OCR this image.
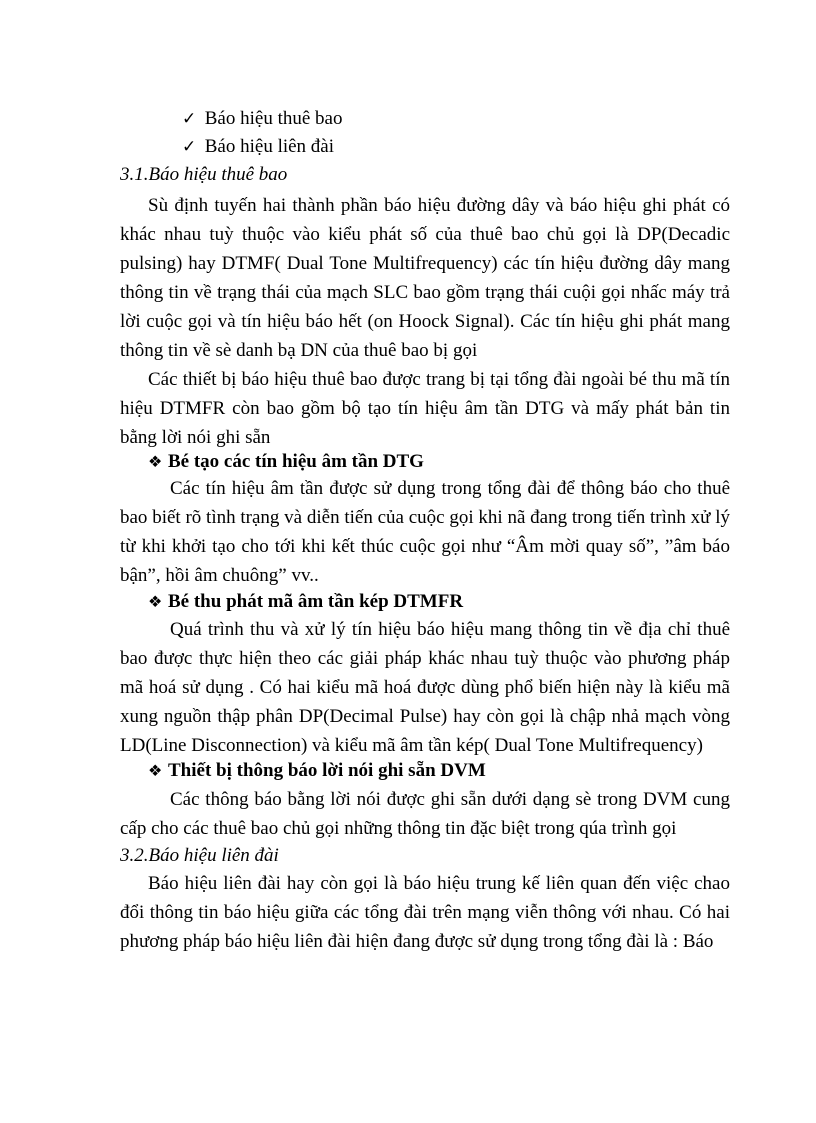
✓ Báo hiệu thuê bao
✓ Báo hiệu liên đài
3.1.Báo hiệu thuê bao
Sù định tuyến hai thành phần báo hiệu đường dây và báo hiệu ghi phát có khác nhau tuỳ thuộc vào kiểu phát số của thuê bao chủ gọi là DP(Decadic pulsing) hay DTMF( Dual Tone Multifrequency) các tín hiệu đường dây mang thông tin về trạng thái của mạch SLC bao gồm trạng thái cuội gọi nhấc máy trả lời cuộc gọi và tín hiệu báo hết (on Hoock Signal). Các tín hiệu ghi phát mang thông tin về sè danh bạ DN của thuê bao bị gọi
Các thiết bị báo hiệu thuê bao được trang bị tại tổng đài ngoài bé thu mã tín hiệu DTMFR còn bao gồm bộ tạo tín hiệu âm tần DTG và mấy phát bản tin bằng lời nói ghi sẵn
❖ Bé tạo các tín hiệu âm tần DTG
Các tín hiệu âm tần được sử dụng trong tổng đài để thông báo cho thuê bao biết rõ tình trạng và diễn tiến của cuộc gọi khi nã đang trong tiến trình xử lý từ khi khởi tạo cho tới khi kết thúc cuộc gọi như “Âm mời quay số”, ”âm báo bận”, hồi âm chuông” vv..
❖ Bé thu phát mã âm tần kép DTMFR
Quá trình thu và xử lý tín hiệu báo hiệu mang thông tin về địa chỉ thuê bao được thực hiện theo các giải pháp khác nhau tuỳ thuộc vào phương pháp mã hoá sử dụng . Có hai kiểu mã hoá được dùng phổ biến hiện này là kiểu mã xung nguồn thập phân DP(Decimal Pulse) hay còn gọi là chập nhả mạch vòng LD(Line Disconnection) và kiểu mã âm tần kép( Dual Tone Multifrequency)
❖ Thiết bị thông báo lời nói ghi sẵn DVM
Các thông báo bằng lời nói được ghi sẵn dưới dạng sè trong DVM cung cấp cho các thuê bao chủ gọi những thông tin đặc biệt trong qúa trình gọi
3.2.Báo hiệu liên đài
Báo hiệu liên đài hay còn gọi là báo hiệu trung kế liên quan đến việc chao đổi thông tin báo hiệu giữa các tổng đài trên mạng viễn thông với nhau. Có hai phương pháp báo hiệu liên đài hiện đang được sử dụng trong tổng đài là : Báo
